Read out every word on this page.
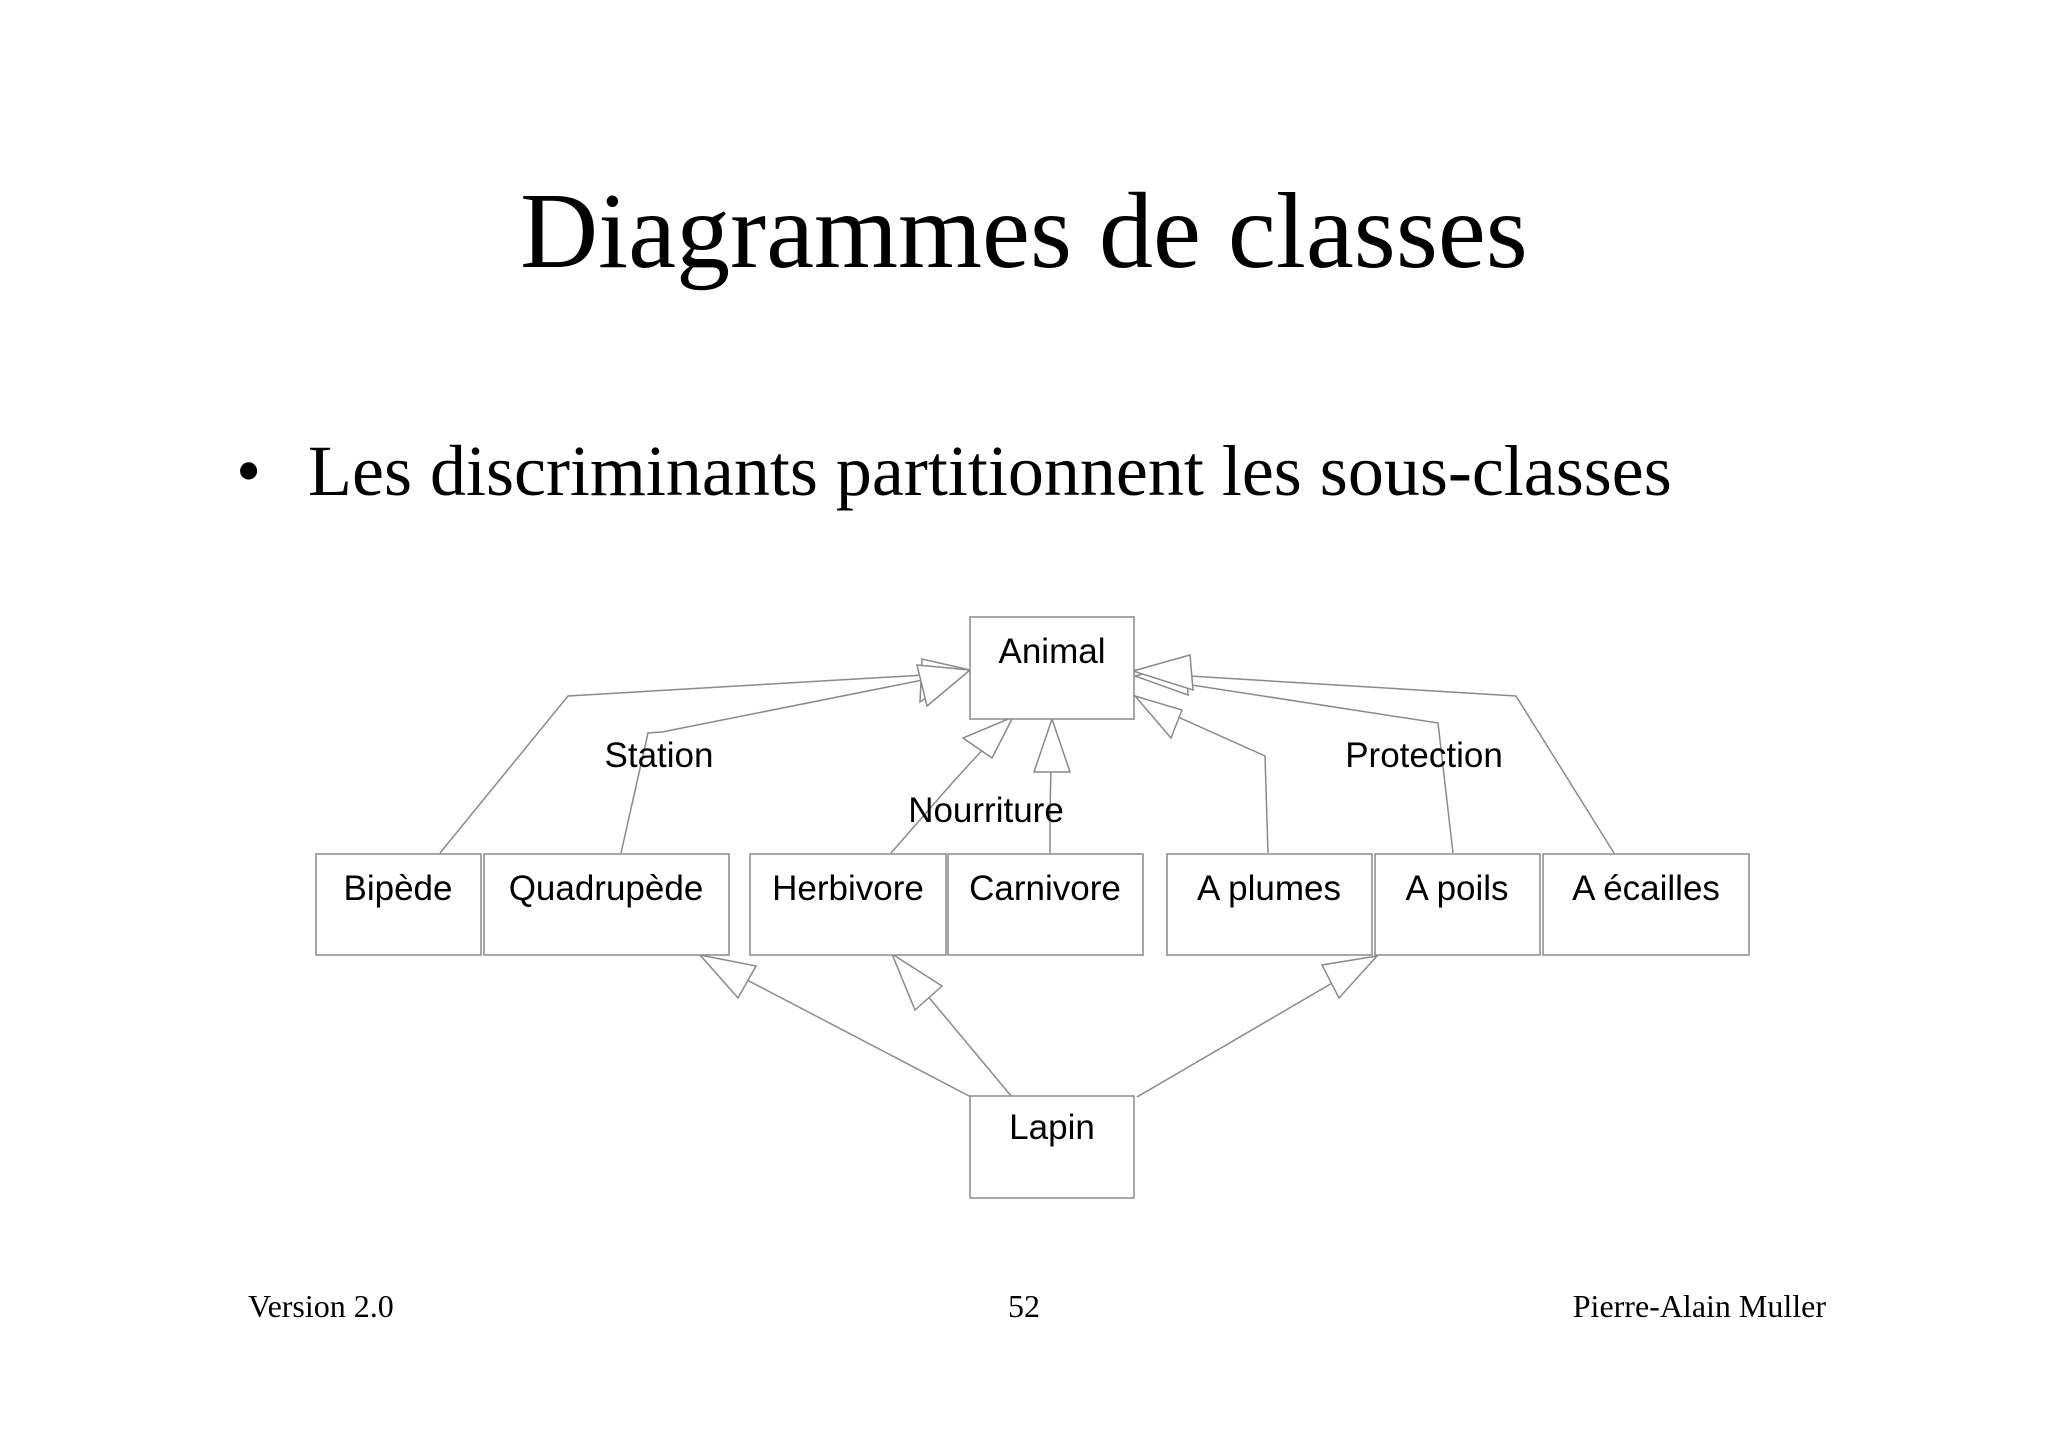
Diagrammes de classes
• Les discriminants partitionnent les sous-classes
Animal
Bipède Quadrupède Herbivore Carnivore A plumes A poils A écailles
Lapin
Station
Nourriture
Protection
Version 2.0	52	Pierre-Alain Muller
